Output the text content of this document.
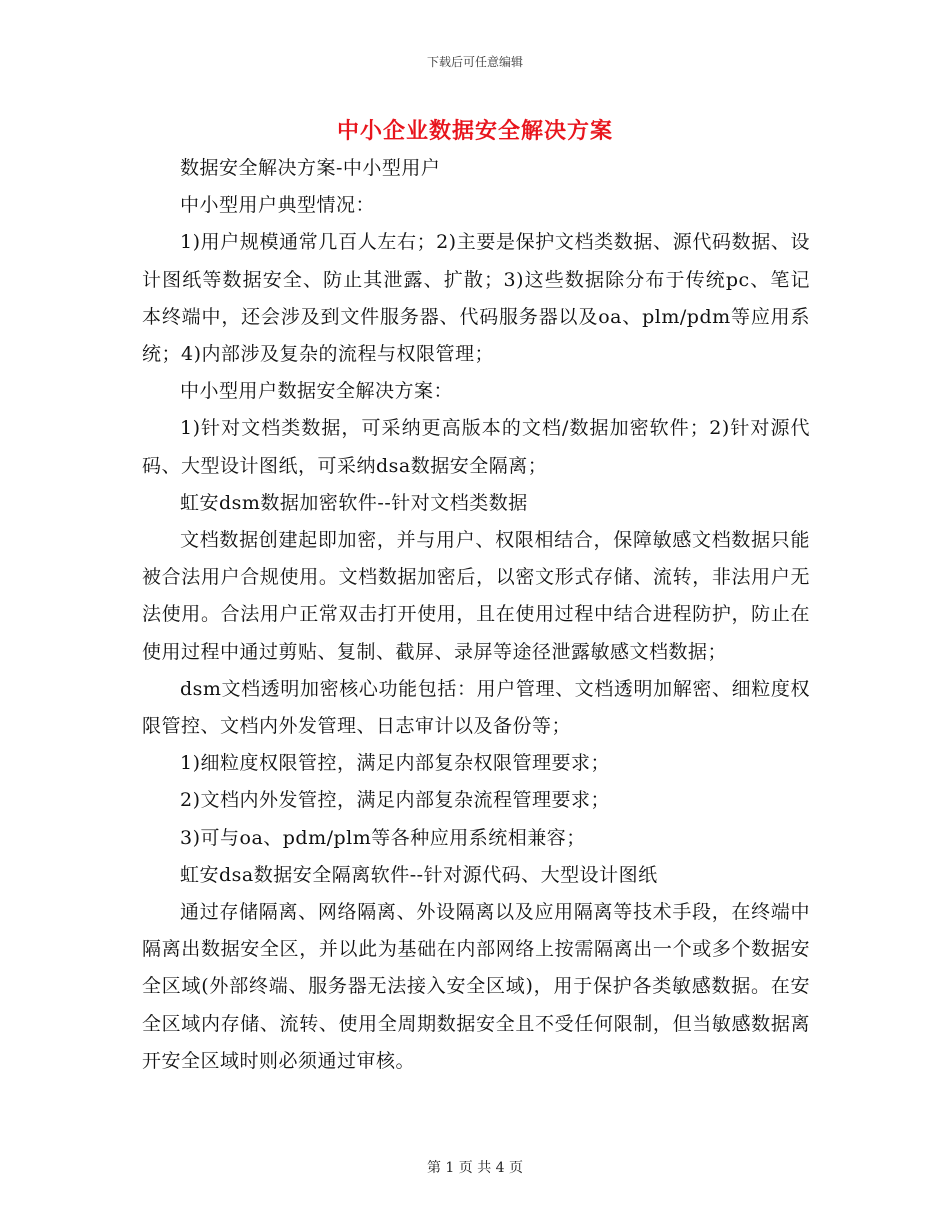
下载后可任意编辑
中小企业数据安全解决方案

数据安全解决方案-中小型用户

中小型用户典型情况：

1)用户规模通常几百人左右；2)主要是保护文档类数据、源代码数据、设计图纸等数据安全、防止其泄露、扩散；3)这些数据除分布于传统pc、笔记本终端中，还会涉及到文件服务器、代码服务器以及oa、plm/pdm等应用系统；4)内部涉及复杂的流程与权限管理；

中小型用户数据安全解决方案：

1)针对文档类数据，可采纳更高版本的文档/数据加密软件；2)针对源代码、大型设计图纸，可采纳dsa数据安全隔离；

虹安dsm数据加密软件--针对文档类数据

文档数据创建起即加密，并与用户、权限相结合，保障敏感文档数据只能被合法用户合规使用。文档数据加密后，以密文形式存储、流转，非法用户无法使用。合法用户正常双击打开使用，且在使用过程中结合进程防护，防止在使用过程中通过剪贴、复制、截屏、录屏等途径泄露敏感文档数据；

dsm文档透明加密核心功能包括：用户管理、文档透明加解密、细粒度权限管控、文档内外发管理、日志审计以及备份等；

1)细粒度权限管控，满足内部复杂权限管理要求；

2)文档内外发管控，满足内部复杂流程管理要求；

3)可与oa、pdm/plm等各种应用系统相兼容；

虹安dsa数据安全隔离软件--针对源代码、大型设计图纸

通过存储隔离、网络隔离、外设隔离以及应用隔离等技术手段，在终端中隔离出数据安全区，并以此为基础在内部网络上按需隔离出一个或多个数据安全区域(外部终端、服务器无法接入安全区域)，用于保护各类敏感数据。在安全区域内存储、流转、使用全周期数据安全且不受任何限制，但当敏感数据离开安全区域时则必须通过审核。

第 1 页 共 4 页
